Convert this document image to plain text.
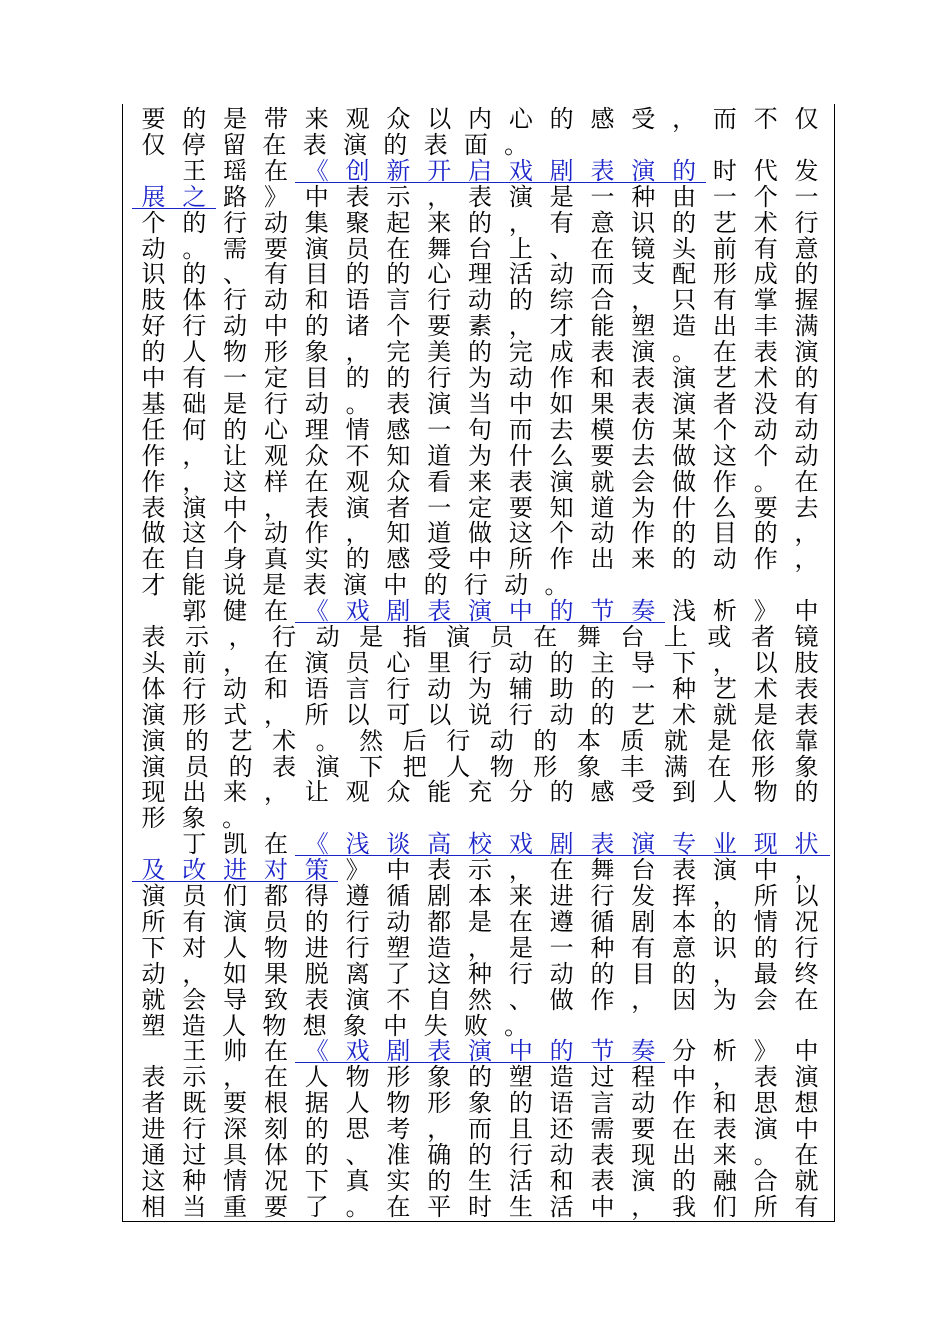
要 的 是 带 来 观 众 以 内 心 的 感 受 ， 而 不 仅
仅 停 留 在 表 演 的 表 面 。

王 瑶 在 《 创 新 开 启 戏 剧 表 演 的 时 代 发
展 之 路 》 中 表 示 ， 表 演 是 一 种 由 一 个 一
个 的 行 动 集 聚 起 来 的 ， 有 意 识 的 艺 术 行
动 。 需 要 演 员 在 舞 台 上 、 在 镜 头 前 有 意
识 的 、 有 目 的 的 心 理 活 动 而 支 配 形 成 的
肢 体 行 动 和 语 言 行 动 的 综 合 ， 只 有 掌 握
好 行 动 中 的 诸 个 要 素 ， 才 能 塑 造 出 丰 满
的 人 物 形 象 ， 完 美 的 完 成 表 演 。 在 表 演
中 有 一 定 目 的 的 行 为 动 作 和 表 演 艺 术 的
基 础 是 行 动 。 表 演 当 中 如 果 表 演 者 没 有
任 何 的 心 理 情 感 一 句 而 去 模 仿 某 个 动 动
作 ， 让 观 众 不 知 道 为 什 么 要 去 做 这 个 动
作 ， 这 样 在 观 众 看 来 表 演 就 会 做 作 。 在
表 演 中 ， 表 演 者 一 定 要 知 道 为 什 么 要 去
做 这 个 动 作 ， 知 道 做 这 个 动 作 的 目 的 ，
在 自 身 真 实 的 感 受 中 所 作 出 来 的 动 作 ，
才 能 说 是 表 演 中 的 行 动 。

郭 健 在 《 戏 剧 表 演 中 的 节 奏 浅 析 》 中
表 示 ， 行 动 是 指 演 员 在 舞 台 上 或 者 镜
头 前 ， 在 演 员 心 里 行 动 的 主 导 下 ， 以 肢
体 行 动 和 语 言 行 动 为 辅 助 的 一 种 艺 术 表
演 形 式 ， 所 以 可 以 说 行 动 的 艺 术 就 是 表
演 的 艺 术 。 然 后 行 动 的 本 质 就 是 依 靠
演 员 的 表 演 下 把 人 物 形 象 丰 满 在 形 象
现 出 来 ， 让 观 众 能 充 分 的 感 受 到 人 物 的
形 象 。

丁 凯 在 《 浅 谈 高 校 戏 剧 表 演 专 业 现 状
及 改 进 对 策 》 中 表 示 ， 在 舞 台 表 演 中 ，
演 员 们 都 得 遵 循 剧 本 来 进 行 发 挥 ， 所 以
所 有 演 员 的 行 动 都 是 在 遵 循 剧 本 的 情 况
下 对 人 物 进 行 塑 造 ， 是 一 种 有 意 识 的 行
动 ， 如 果 脱 离 了 这 种 行 动 的 目 的 ， 最 终
就 会 导 致 表 演 不 自 然 、 做 作 ， 因 为 会 在
塑 造 人 物 想 象 中 失 败 。

王 帅 在 《 戏 剧 表 演 中 的 节 奏 分 析 》 中
表 示 ， 在 人 物 形 象 的 塑 造 过 程 中 ， 表 演
者 既 要 根 据 人 物 形 象 的 语 言 动 作 和 思 想
进 行 深 刻 的 思 考 ， 而 且 还 需 要 在 表 演 中
通 过 具 体 的 、 准 确 的 行 动 表 现 出 来 。 在
这 种 情 况 下 真 实 的 生 活 和 表 演 的 融 合 就
相 当 重 要 了 。 在 平 时 生 活 中 ， 我 们 所 有
